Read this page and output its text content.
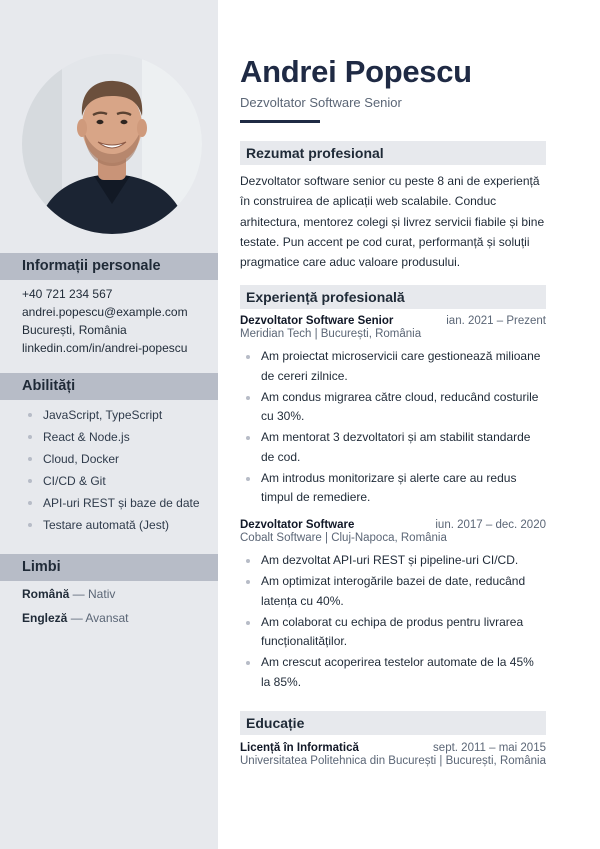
Informații personale
+40 721 234 567
andrei.popescu@example.com
București, România
linkedin.com/in/andrei-popescu
Abilități
JavaScript, TypeScript
React & Node.js
Cloud, Docker
CI/CD & Git
API-uri REST și baze de date
Testare automată (Jest)
Limbi
Română — Nativ
Engleză — Avansat
Andrei Popescu
Dezvoltator Software Senior
Rezumat profesional
Dezvoltator software senior cu peste 8 ani de experiență în construirea de aplicații web scalabile. Conduc arhitectura, mentorez colegi și livrez servicii fiabile și bine testate. Pun accent pe cod curat, performanță și soluții pragmatice care aduc valoare produsului.
Experiență profesională
Dezvoltator Software Senior	ian. 2021 – Prezent
Meridian Tech | București, România
Am proiectat microservicii care gestionează milioane de cereri zilnice.
Am condus migrarea către cloud, reducând costurile cu 30%.
Am mentorat 3 dezvoltatori și am stabilit standarde de cod.
Am introdus monitorizare și alerte care au redus timpul de remediere.
Dezvoltator Software	iun. 2017 – dec. 2020
Cobalt Software | Cluj-Napoca, România
Am dezvoltat API-uri REST și pipeline-uri CI/CD.
Am optimizat interogările bazei de date, reducând latența cu 40%.
Am colaborat cu echipa de produs pentru livrarea funcționalităților.
Am crescut acoperirea testelor automate de la 45% la 85%.
Educație
Licență în Informatică	sept. 2011 – mai 2015
Universitatea Politehnica din București | București, România
